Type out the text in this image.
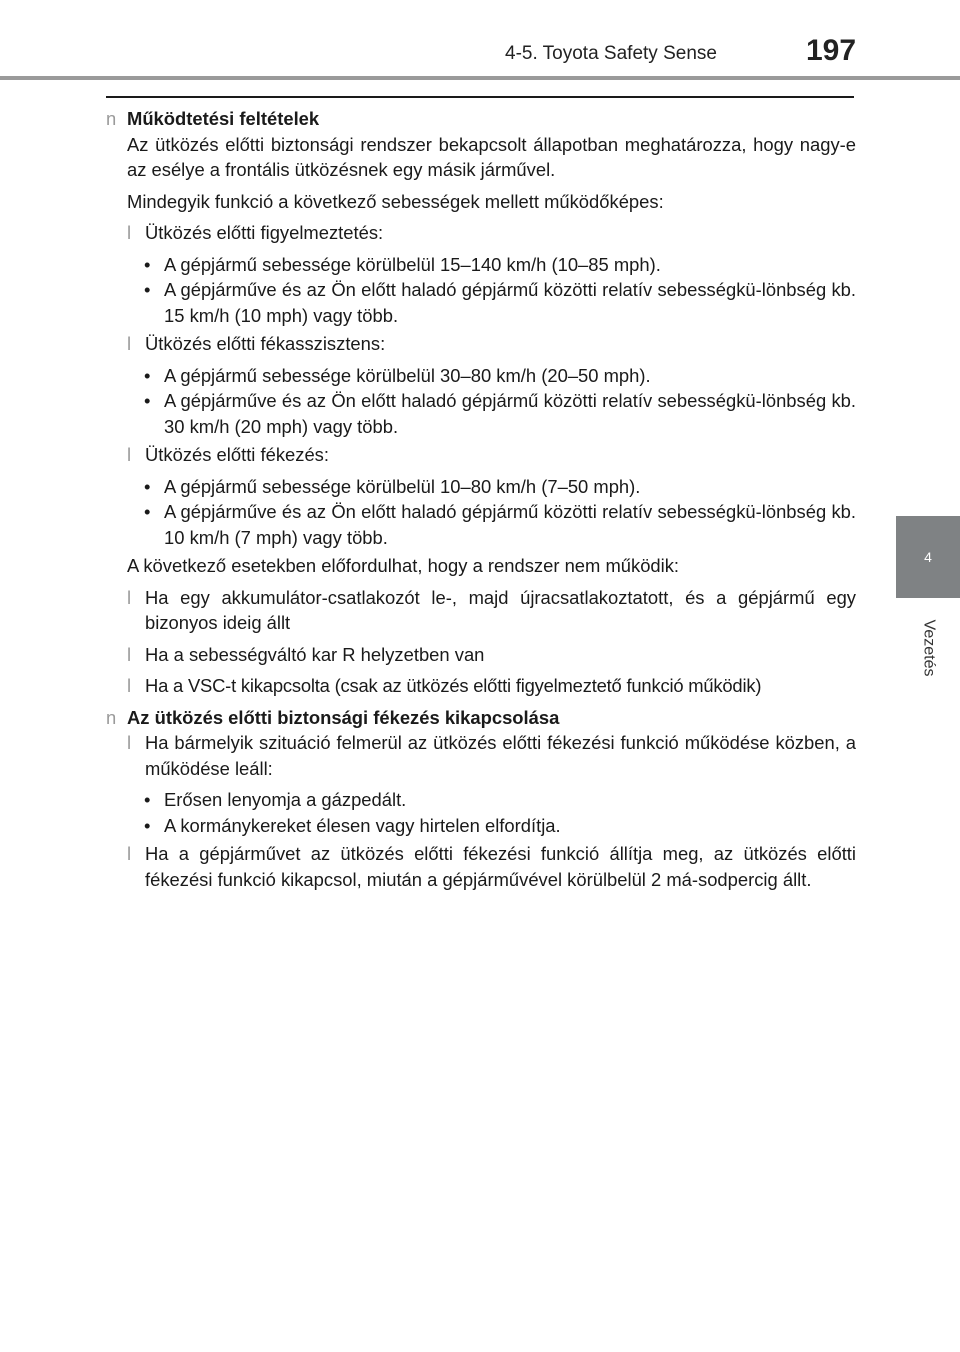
4-5. Toyota Safety Sense	197
4
Vezetés

n Működtetési feltételek

Az ütközés előtti biztonsági rendszer bekapcsolt állapotban meghatározza, hogy nagy-e az esélye a frontális ütközésnek egy másik járművel.

Mindegyik funkció a következő sebességek mellett működőképes:

l Ütközés előtti figyelmeztetés:

• A gépjármű sebessége körülbelül 15–140 km/h (10–85 mph).
• A gépjárműve és az Ön előtt haladó gépjármű közötti relatív sebességkü-lönbség kb. 15 km/h (10 mph) vagy több.

l Ütközés előtti fékasszisztens:

• A gépjármű sebessége körülbelül 30–80 km/h (20–50 mph).
• A gépjárműve és az Ön előtt haladó gépjármű közötti relatív sebességkü-lönbség kb. 30 km/h (20 mph) vagy több.

l Ütközés előtti fékezés:

• A gépjármű sebessége körülbelül 10–80 km/h (7–50 mph).
• A gépjárműve és az Ön előtt haladó gépjármű közötti relatív sebességkü-lönbség kb. 10 km/h (7 mph) vagy több.

A következő esetekben előfordulhat, hogy a rendszer nem működik:

l Ha egy akkumulátor-csatlakozót le-, majd újracsatlakoztatott, és a gépjármű egy bizonyos ideig állt

l Ha a sebességváltó kar R helyzetben van

l Ha a VSC-t kikapcsolta (csak az ütközés előtti figyelmeztető funkció működik)

n Az ütközés előtti biztonsági fékezés kikapcsolása

l Ha bármelyik szituáció felmerül az ütközés előtti fékezési funkció működése közben, a működése leáll:

• Erősen lenyomja a gázpedált.
• A kormánykereket élesen vagy hirtelen elfordítja.

l Ha a gépjárművet az ütközés előtti fékezési funkció állítja meg, az ütközés előtti fékezési funkció kikapcsol, miután a gépjárművével körülbelül 2 má-sodpercig állt.
